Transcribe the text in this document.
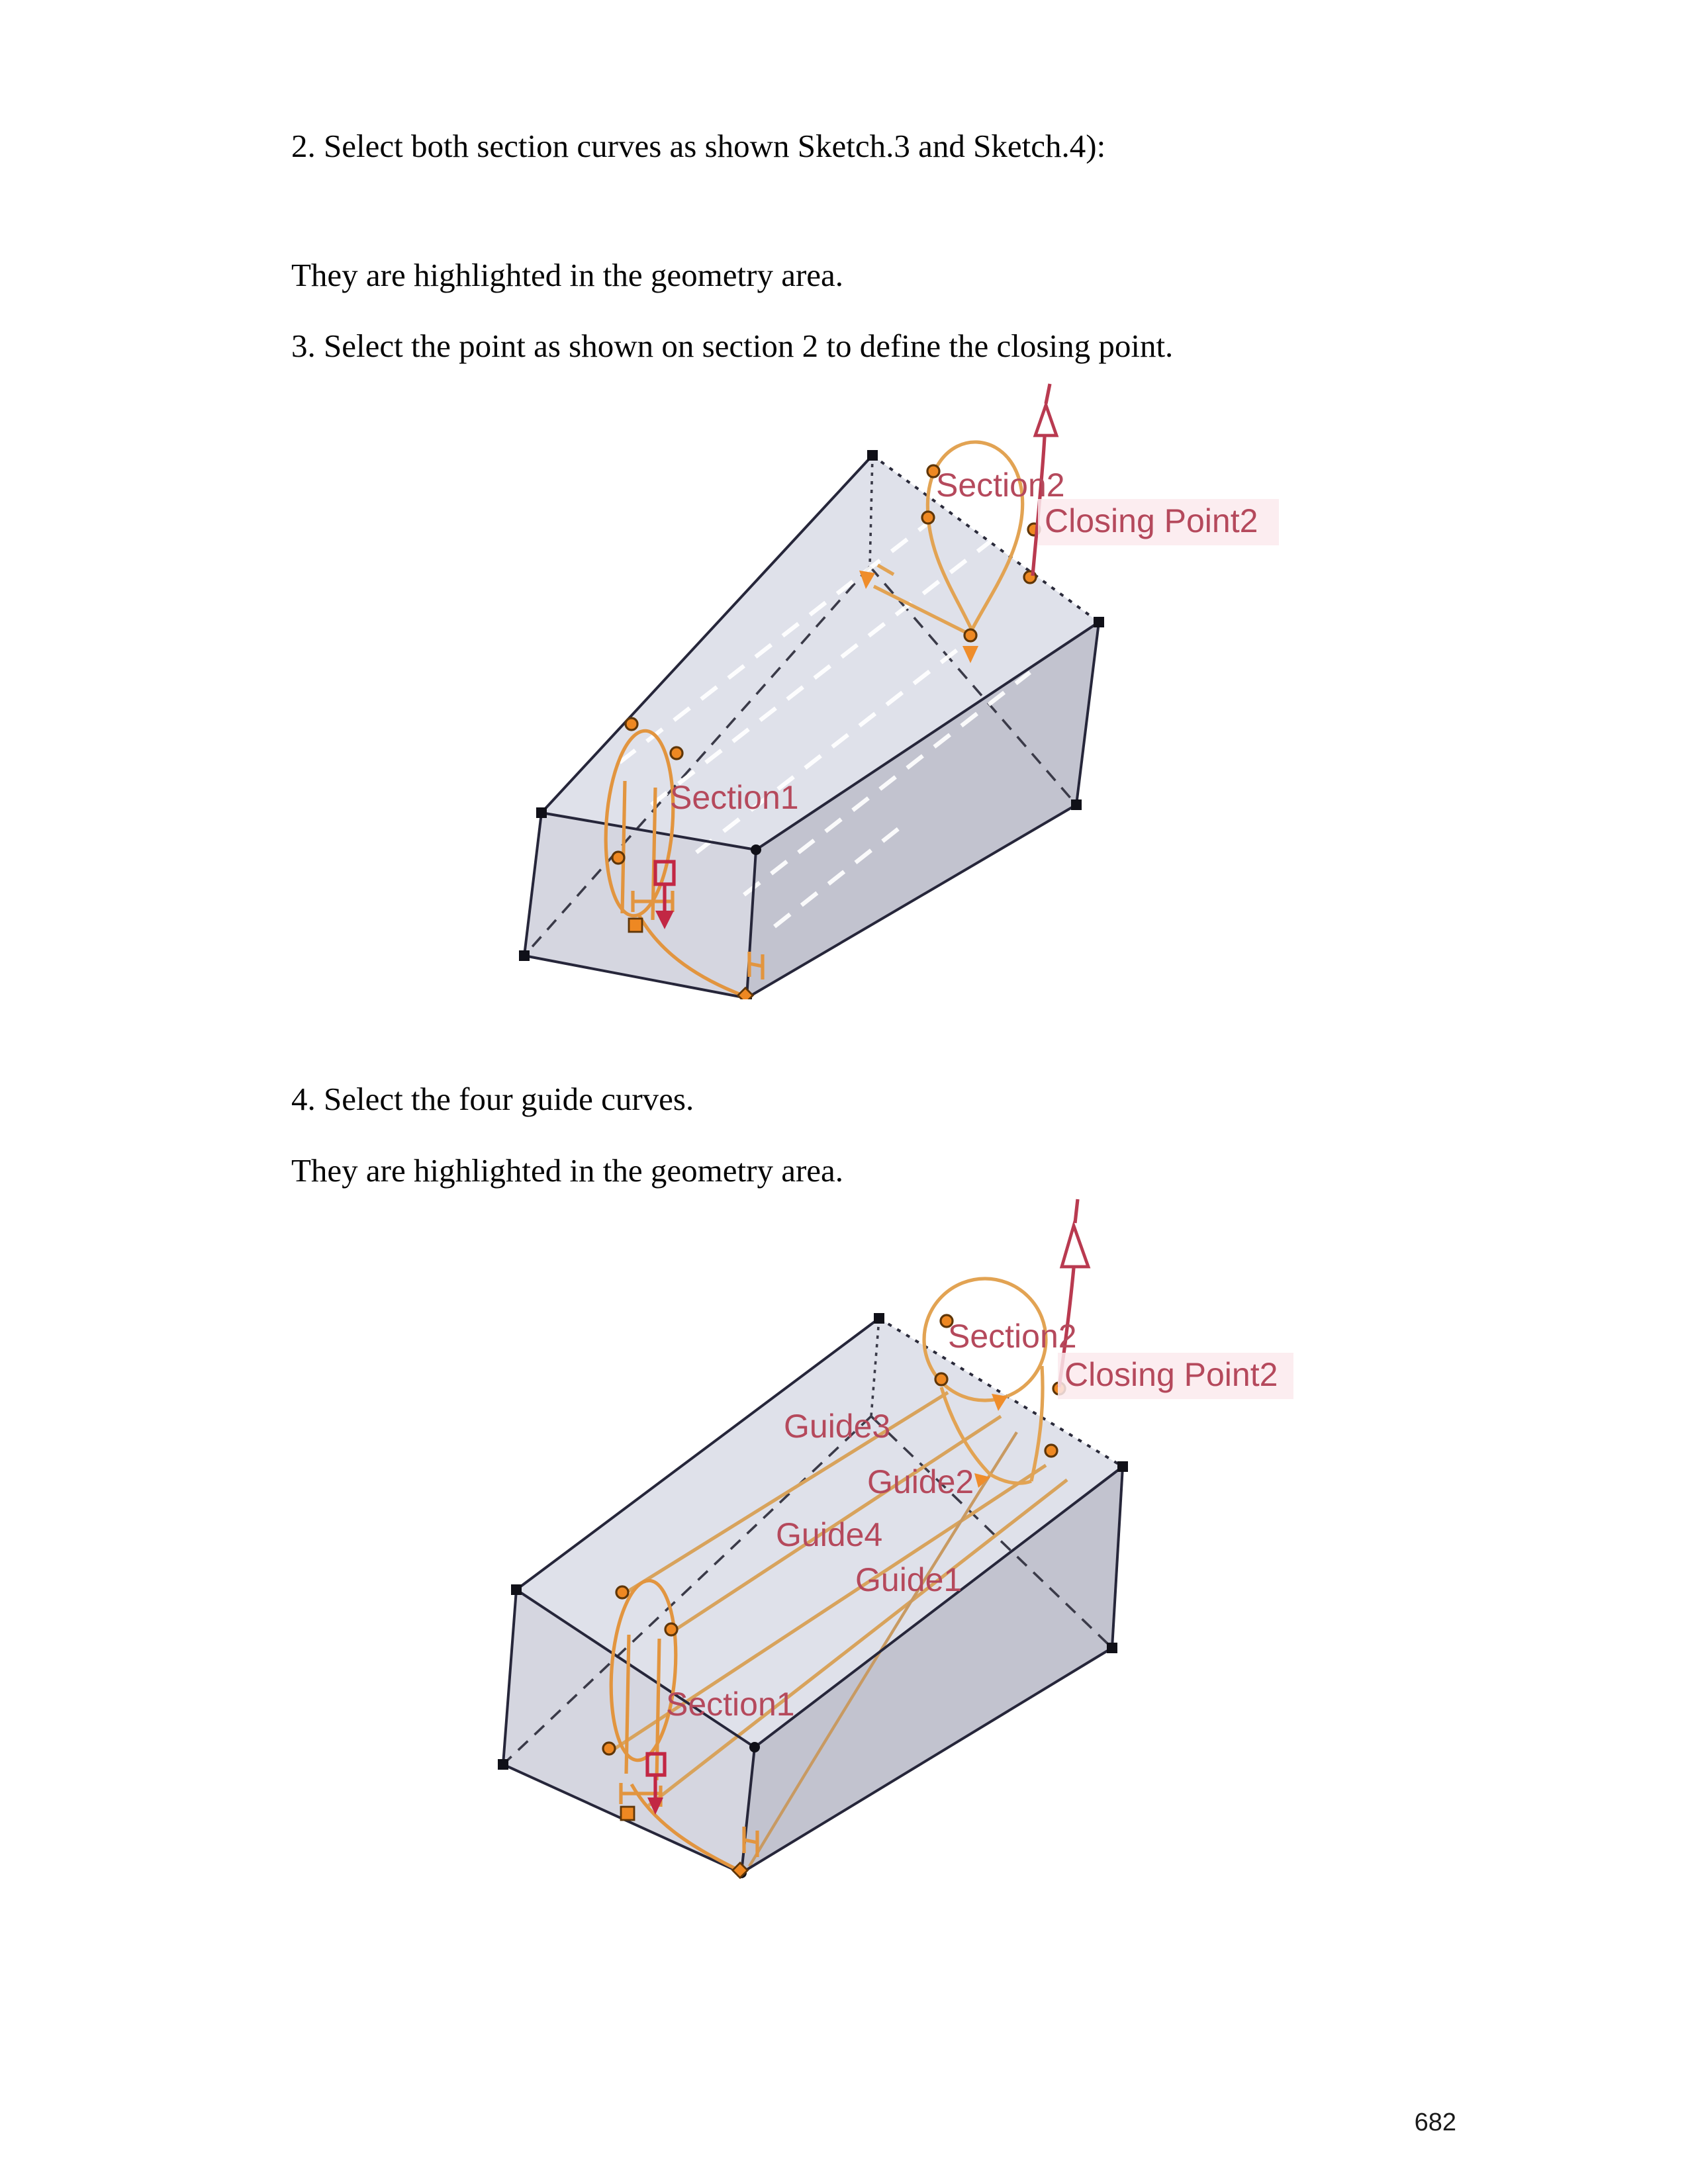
2. Select both section curves as shown Sketch.3 and Sketch.4):

They are highlighted in the geometry area.

3. Select the point as shown on section 2 to define the closing point.

Section2
Closing Point2
Section1

4. Select the four guide curves.

They are highlighted in the geometry area.

Section2
Closing Point2
Guide3
Guide2
Guide4
Guide1
Section1
682
